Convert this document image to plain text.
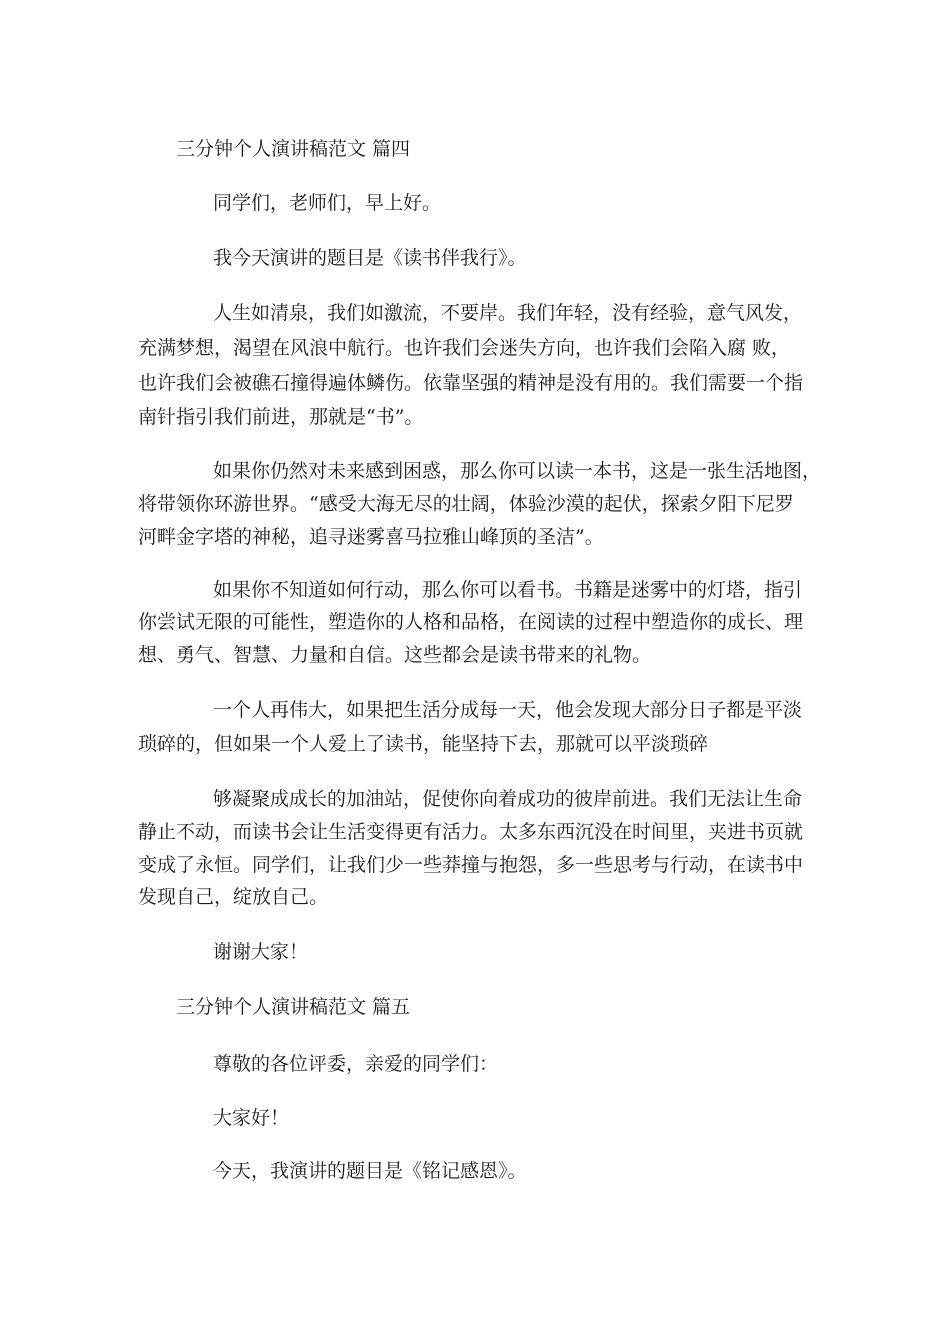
三分钟个人演讲稿范文 篇四
同学们，老师们，早上好。
我今天演讲的题目是《读书伴我行》。
人生如清泉，我们如激流，不要岸。我们年轻，没有经验，意气风发，
充满梦想，渴望在风浪中航行。也许我们会迷失方向，也许我们会陷入腐 败，
也许我们会被礁石撞得遍体鳞伤。依靠坚强的精神是没有用的。我们需要一个指
南针指引我们前进，那就是“书”。
如果你仍然对未来感到困惑，那么你可以读一本书，这是一张生活地图，
将带领你环游世界。“感受大海无尽的壮阔，体验沙漠的起伏，探索夕阳下尼罗
河畔金字塔的神秘，追寻迷雾喜马拉雅山峰顶的圣洁”。
如果你不知道如何行动，那么你可以看书。书籍是迷雾中的灯塔，指引
你尝试无限的可能性，塑造你的人格和品格，在阅读的过程中塑造你的成长、理
想、勇气、智慧、力量和自信。这些都会是读书带来的礼物。
一个人再伟大，如果把生活分成每一天，他会发现大部分日子都是平淡
琐碎的，但如果一个人爱上了读书，能坚持下去，那就可以平淡琐碎
够凝聚成成长的加油站，促使你向着成功的彼岸前进。我们无法让生命
静止不动，而读书会让生活变得更有活力。太多东西沉没在时间里，夹进书页就
变成了永恒。同学们，让我们少一些莽撞与抱怨，多一些思考与行动，在读书中
发现自己，绽放自己。
谢谢大家！
三分钟个人演讲稿范文 篇五
尊敬的各位评委，亲爱的同学们：
大家好！
今天，我演讲的题目是《铭记感恩》。
